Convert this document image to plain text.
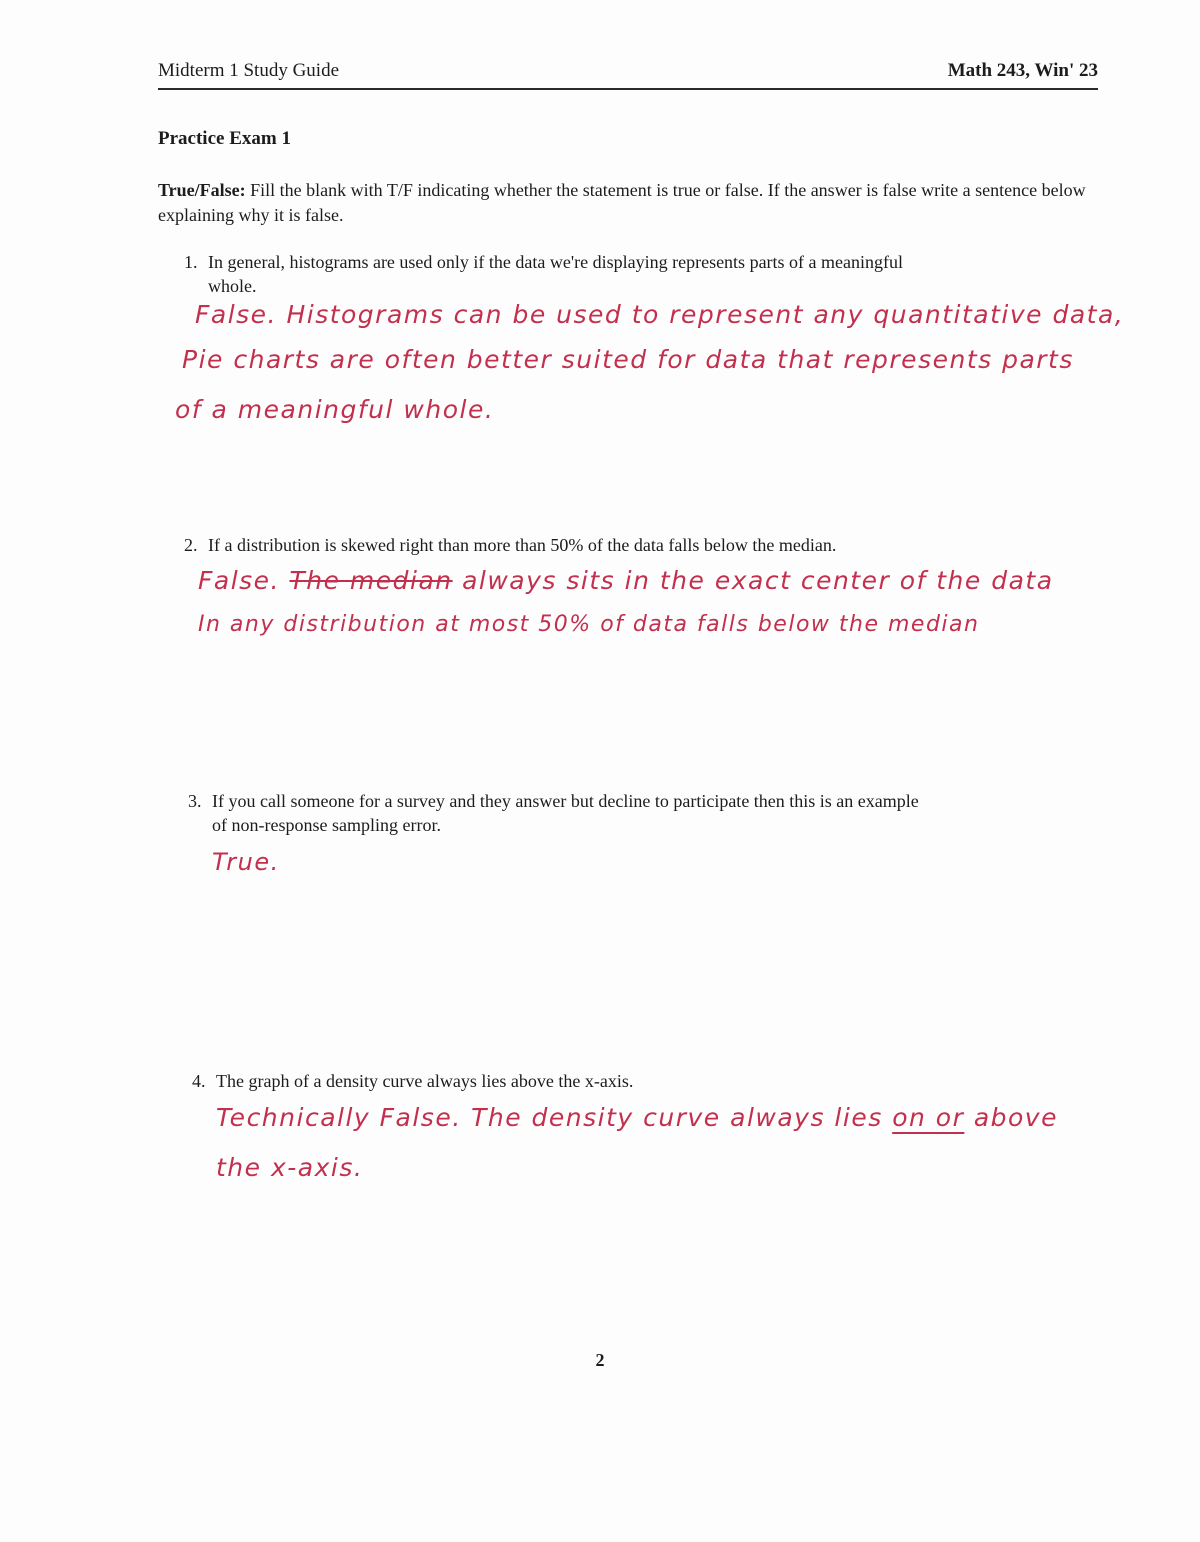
Midterm 1 Study Guide	Math 243, Win' 23
Practice Exam 1
True/False: Fill the blank with T/F indicating whether the statement is true or false. If the answer is false write a sentence below explaining why it is false.
1. In general, histograms are used only if the data we're displaying represents parts of a meaningful
whole.
False. Histograms can be used to represent any quantitative data,
Pie charts are often better suited for data that represents parts
of a meaningful whole.
2. If a distribution is skewed right than more than 50% of the data falls below the median.
False. The median always sits in the exact center of the data
In any distribution at most 50% of data falls below the median
3. If you call someone for a survey and they answer but decline to participate then this is an example
of non-response sampling error.
True.
4. The graph of a density curve always lies above the x-axis.
Technically False. The density curve always lies on or above
the x-axis.
2
